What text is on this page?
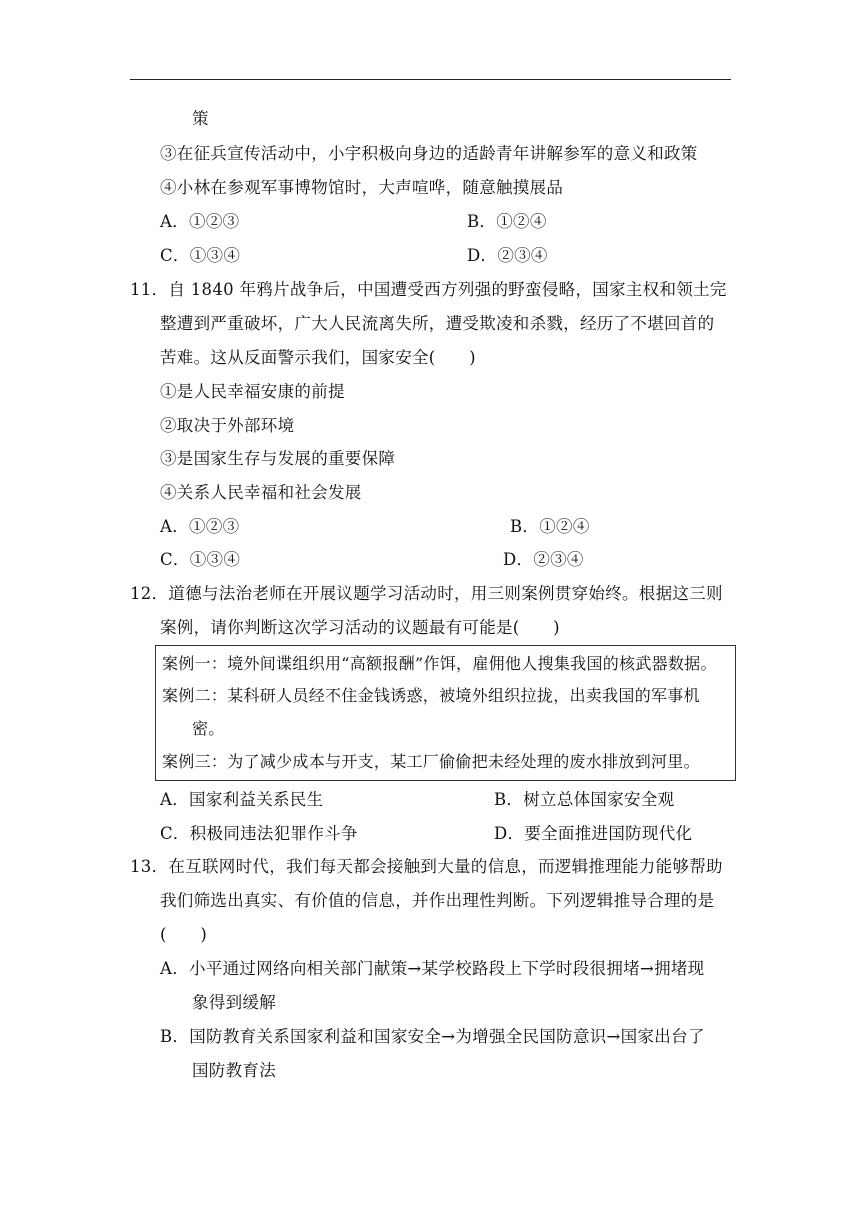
策
③在征兵宣传活动中，小宇积极向身边的适龄青年讲解参军的意义和政策
④小林在参观军事博物馆时，大声喧哗，随意触摸展品
A．①②③	B．①②④
C．①③④	D．②③④
11．自 1840 年鸦片战争后，中国遭受西方列强的野蛮侵略，国家主权和领土完
整遭到严重破坏，广大人民流离失所，遭受欺凌和杀戮，经历了不堪回首的
苦难。这从反面警示我们，国家安全(　　)
①是人民幸福安康的前提
②取决于外部环境
③是国家生存与发展的重要保障
④关系人民幸福和社会发展
A．①②③	B．①②④
C．①③④	D．②③④
12．道德与法治老师在开展议题学习活动时，用三则案例贯穿始终。根据这三则
案例，请你判断这次学习活动的议题最有可能是(　　)
案例一：境外间谍组织用“高额报酬”作饵，雇佣他人搜集我国的核武器数据。
案例二：某科研人员经不住金钱诱惑，被境外组织拉拢，出卖我国的军事机
密。
案例三：为了减少成本与开支，某工厂偷偷把未经处理的废水排放到河里。
A．国家利益关系民生	B．树立总体国家安全观
C．积极同违法犯罪作斗争	D．要全面推进国防现代化
13．在互联网时代，我们每天都会接触到大量的信息，而逻辑推理能力能够帮助
我们筛选出真实、有价值的信息，并作出理性判断。下列逻辑推导合理的是
(　　)
A．小平通过网络向相关部门献策→某学校路段上下学时段很拥堵→拥堵现
象得到缓解
B．国防教育关系国家利益和国家安全→为增强全民国防意识→国家出台了
国防教育法
